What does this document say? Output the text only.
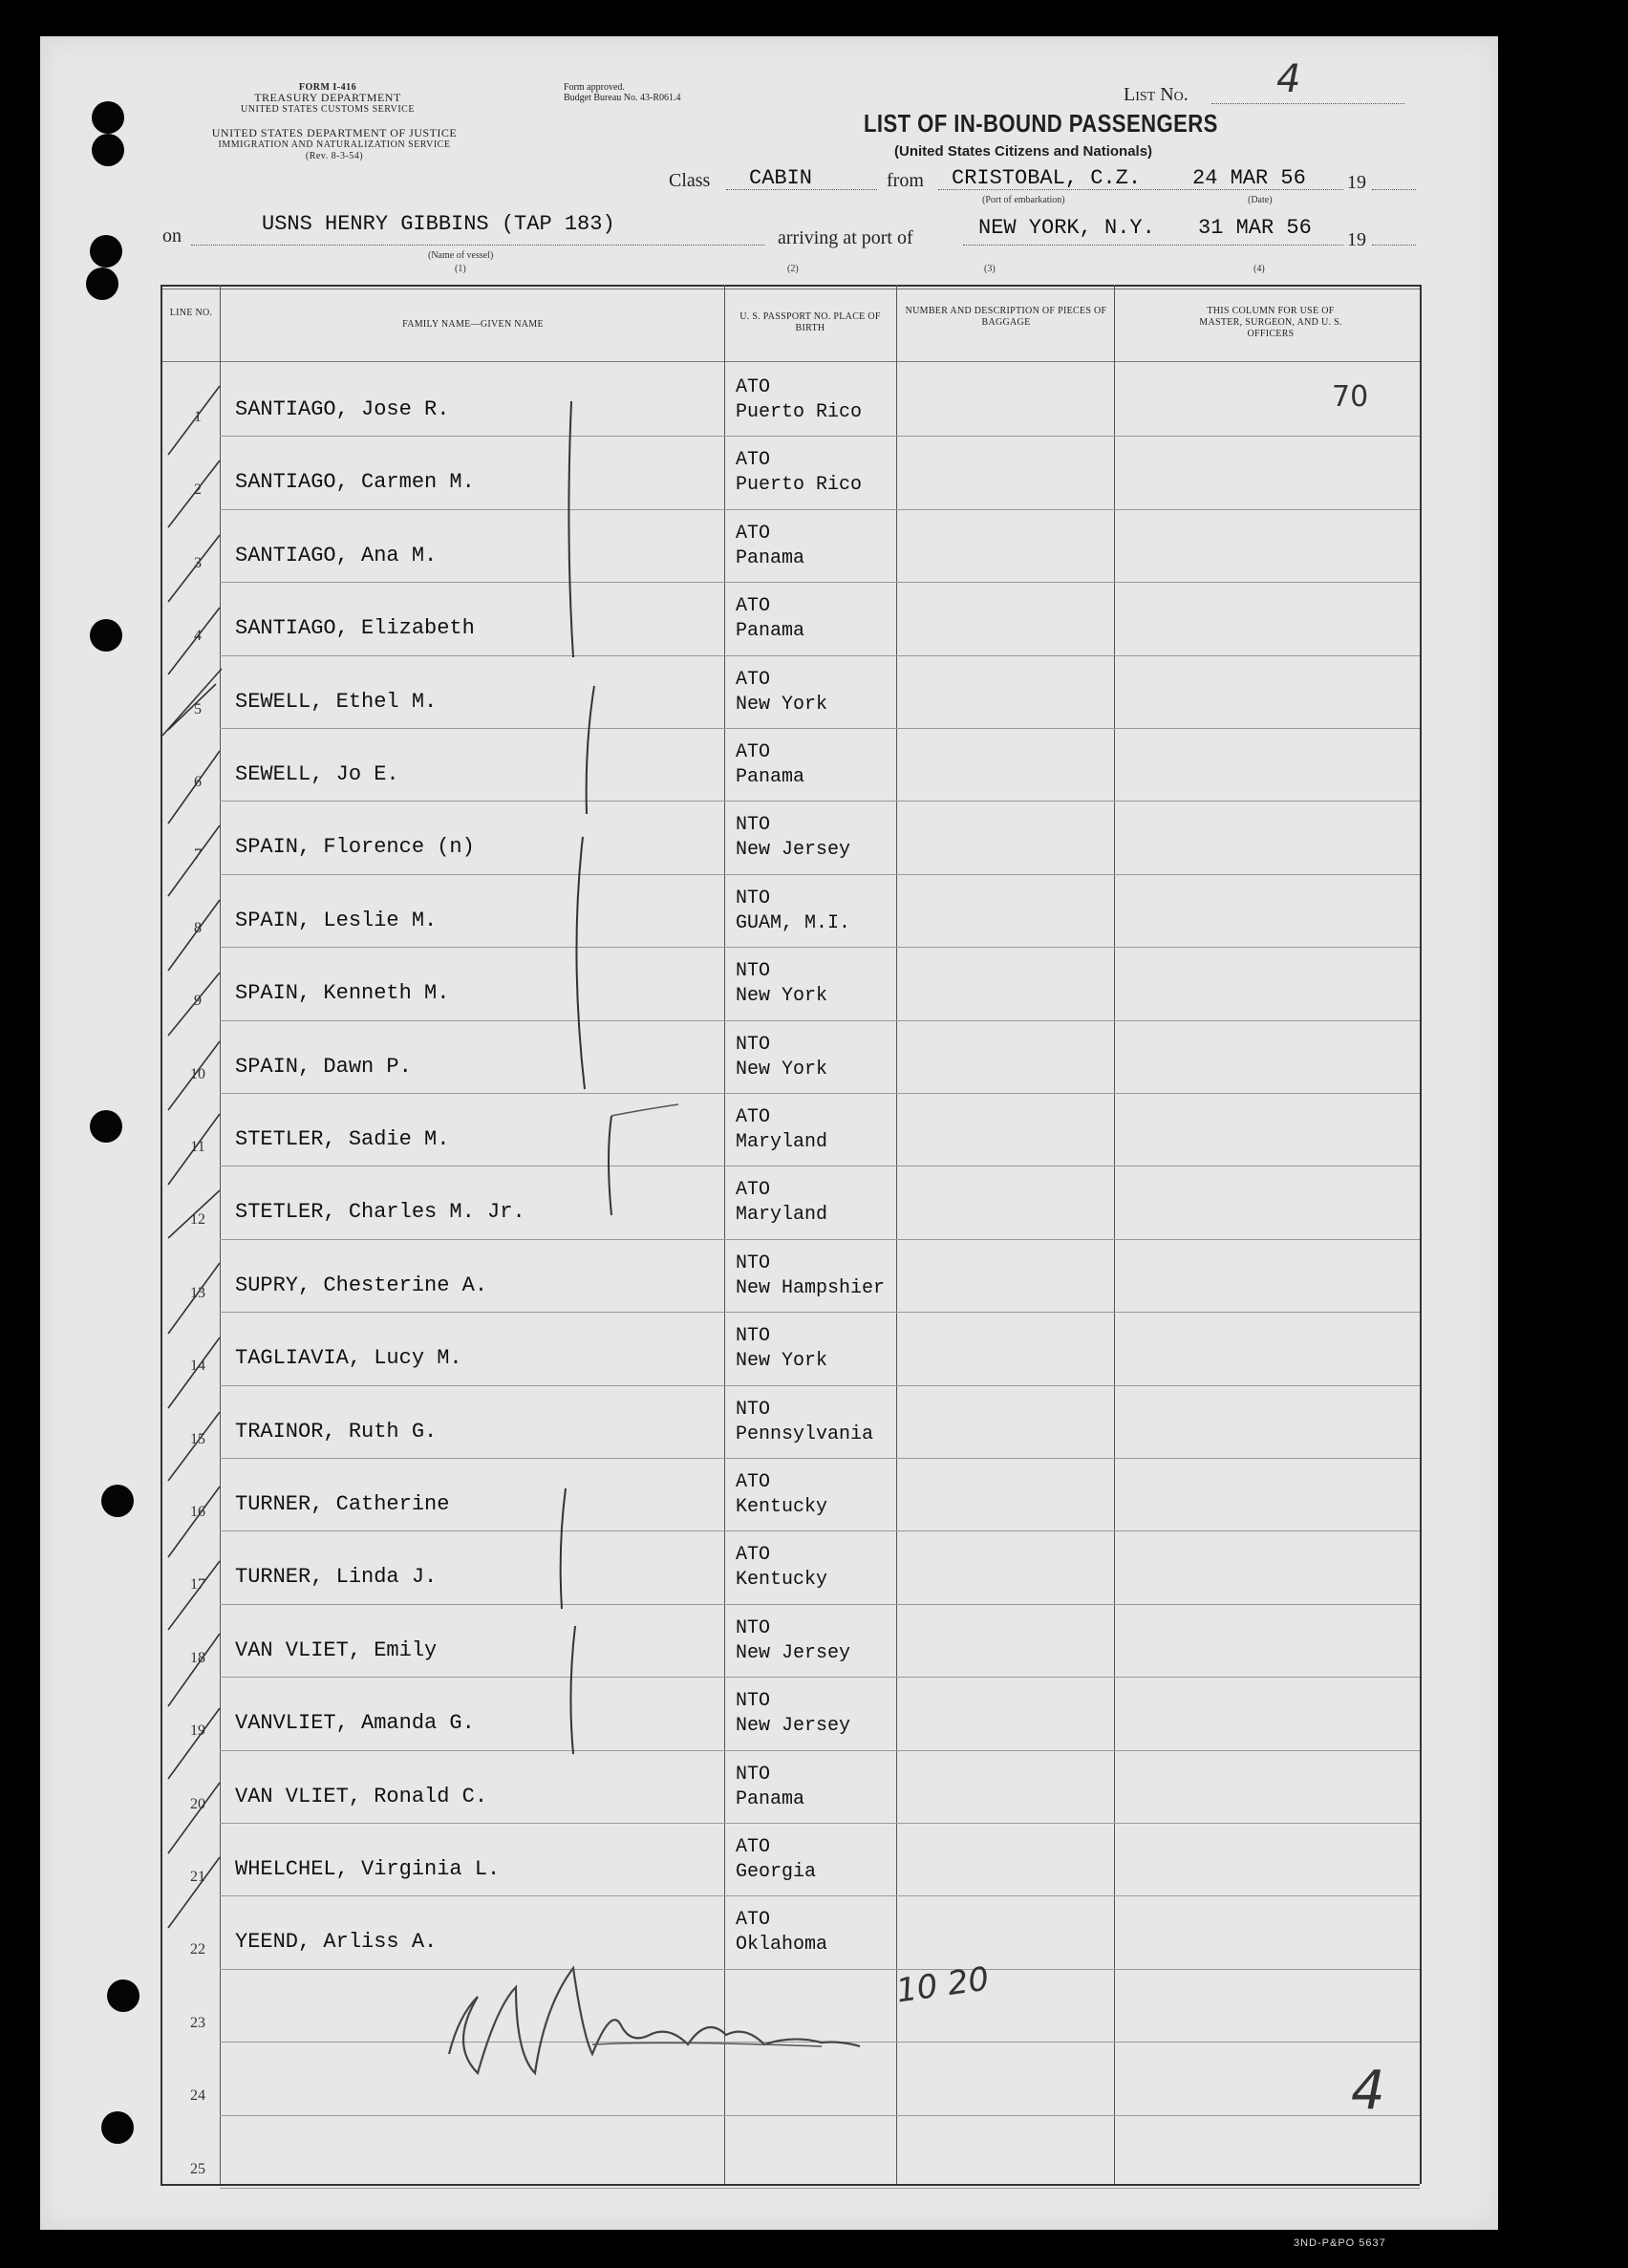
FORM I-416
TREASURY DEPARTMENT
UNITED STATES CUSTOMS SERVICE
UNITED STATES DEPARTMENT OF JUSTICE
IMMIGRATION AND NATURALIZATION SERVICE
(Rev. 8-3-54)
Form approved.
Budget Bureau No. 43-R061.4	List No. 4
LIST OF IN-BOUND PASSENGERS
(United States Citizens and Nationals)
Class CABIN	from CRISTOBAL, C.Z. 24 MAR 56 19
(Port of embarkation)	(Date)
on	USNS HENRY GIBBINS (TAP 183)
(Name of vessel)
arriving at port of	NEW YORK, N.Y. 31 MAR 56 19
(1)	(2)	(3)	(4)
LINE NO.
FAMILY NAME—GIVEN NAME
U. S. PASSPORT NO. PLACE OF BIRTH
NUMBER AND DESCRIPTION OF PIECES OF BAGGAGE
THIS COLUMN FOR USE OF MASTER, SURGEON, AND U. S. OFFICERS
1	SANTIAGO, Jose R.
ATO
Puerto Rico
2	SANTIAGO, Carmen M.
ATO
Puerto Rico
3	SANTIAGO, Ana M.
ATO
Panama
4	SANTIAGO, Elizabeth
ATO
Panama
5	SEWELL, Ethel M.
ATO
New York
6	SEWELL, Jo E.
ATO
Panama
7	SPAIN, Florence (n)
NTO
New Jersey
8	SPAIN, Leslie M.
NTO
GUAM, M.I.
9	SPAIN, Kenneth M.
NTO
New York
10	SPAIN, Dawn P.
NTO
New York
11	STETLER, Sadie M.
ATO
Maryland
12	STETLER, Charles M. Jr.
ATO
Maryland
13	SUPRY, Chesterine A.
NTO
New Hampshier
14	TAGLIAVIA, Lucy M.
NTO
New York
15	TRAINOR, Ruth G.
NTO
Pennsylvania
16	TURNER, Catherine
ATO
Kentucky
17	TURNER, Linda J.
ATO
Kentucky
18	VAN VLIET, Emily
NTO
New Jersey
19	VANVLIET, Amanda G.
NTO
New Jersey
20	VAN VLIET, Ronald C.
NTO
Panama
21	WHELCHEL, Virginia L.
ATO
Georgia
22	YEEND, Arliss A.
ATO
Oklahoma
23
24
25
70
10 20
4
3ND-P&PO 5637
